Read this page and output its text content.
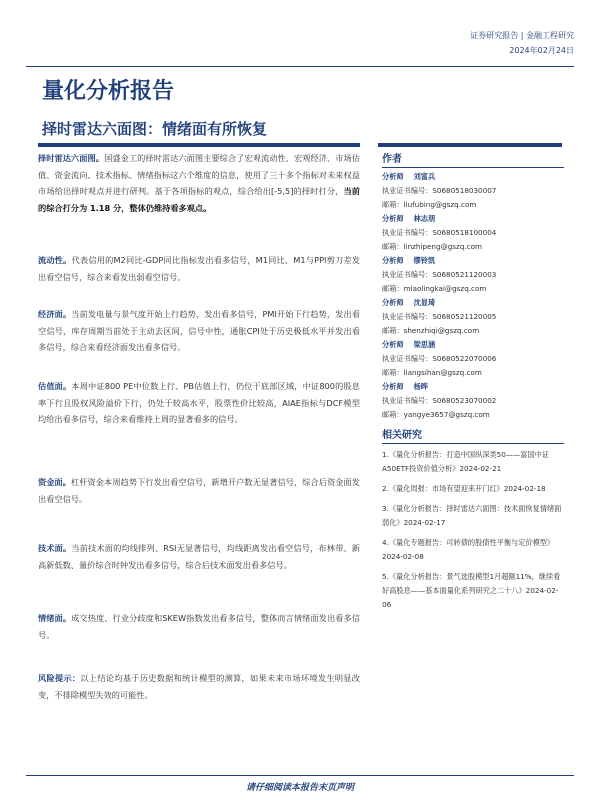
证券研究报告 | 金融工程研究
2024年02月24日
量化分析报告
择时雷达六面图：情绪面有所恢复
择时雷达六面图。国盛金工的择时雷达六面图主要综合了宏观流动性、宏观经济、市场估值、资金流向、技术指标、情绪指标这六个维度的信息，使用了三十多个指标对未来权益市场给出择时观点并进行研判。基于各项指标的观点，综合给出[-5,5]的择时打分，当前的综合打分为 1.18 分，整体仍维持看多观点。
流动性。代表信用的M2同比-GDP同比指标发出看多信号，M1同比、M1与PPI剪刀差发出看空信号，综合来看发出弱看空信号。
经济面。当前发电量与景气度开始上行趋势，发出看多信号，PMI开始下行趋势，发出看空信号，库存周期当前处于主动去区间，信号中性，通胀CPI处于历史极低水平并发出看多信号，综合来看经济面发出看多信号。
估值面。本周中证800 PE中位数上行、PB估值上行，仍位于底部区域，中证800的股息率下行且股权风险溢价下行，仍处于较高水平，股票性价比较高，AIAE指标与DCF模型均给出看多信号，综合来看维持上周的显著看多的信号。
资金面。杠杆资金本周趋势下行发出看空信号，新增开户数无显著信号，综合后资金面发出看空信号。
技术面。当前技术面的均线排列、RSI无显著信号，均线距离发出看空信号，布林带、新高新低数、量价综合时钟发出看多信号，综合后技术面发出看多信号。
情绪面。成交热度、行业分歧度和SKEW指数发出看多信号，整体而言情绪面发出看多信号。
风险提示：以上结论均基于历史数据和统计模型的测算，如果未来市场环境发生明显改变，不排除模型失效的可能性。
作者
分析师 刘富兵
执业证书编号：S0680518030007
邮箱：liufubing@gszq.com
分析师 林志朋
执业证书编号：S0680518100004
邮箱：linzhipeng@gszq.com
分析师 缪铃凯
执业证书编号：S0680521120003
邮箱：miaolingkai@gszq.com
分析师 沈显琦
执业证书编号：S0680521120005
邮箱：shenzhiqi@gszq.com
分析师 梁思涵
执业证书编号：S0680522070006
邮箱：liangsihan@gszq.com
分析师 杨晔
执业证书编号：S0680523070002
邮箱：yangye3657@gszq.com
相关研究
1.《量化分析报告：打造中国纵深类50——富国中证A50ETF投资价值分析》2024-02-21
2.《量化周报：市场有望迎来开门红》2024-02-18
3.《量化分析报告：择时雷达六面图：技术面恢复情绪面弱化》2024-02-17
4.《量化专题报告：可转债的股债性平衡与定价模型》2024-02-08
5.《量化分析报告：景气选股模型1月超额11%，继续看好高股息——基本面量化系列研究之二十八》2024-02-06
请仔细阅读本报告末页声明
